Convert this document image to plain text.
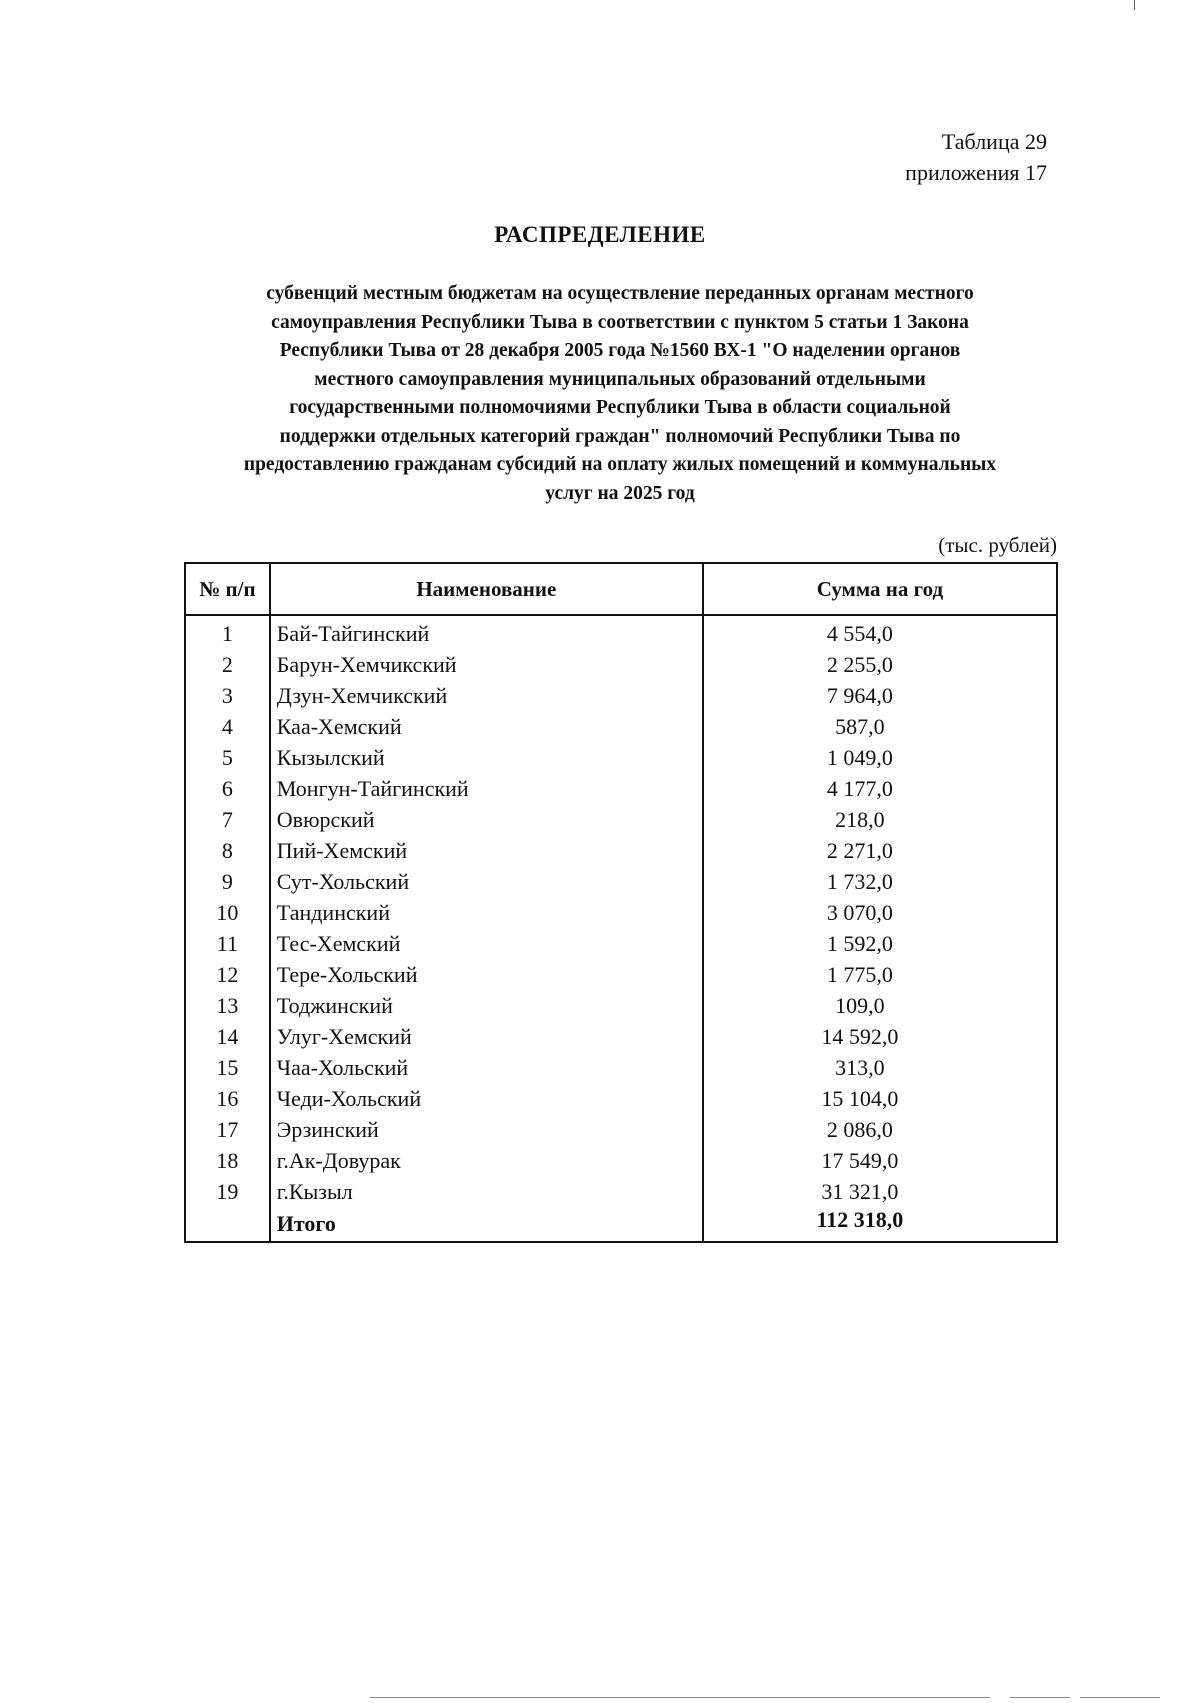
Таблица 29
приложения 17
РАСПРЕДЕЛЕНИЕ
субвенций местным бюджетам на осуществление переданных органам местного
самоуправления Республики Тыва в соответствии с пунктом 5 статьи 1 Закона
Республики Тыва от 28 декабря 2005 года №1560 ВХ-1 "О наделении органов
местного самоуправления муниципальных образований отдельными
государственными полномочиями Республики Тыва в области социальной
поддержки отдельных категорий граждан" полномочий Республики Тыва по
предоставлению гражданам субсидий на оплату жилых помещений и коммунальных
услуг на 2025 год
(тыс. рублей)
№ п/п	Наименование	Сумма на год
1	Бай-Тайгинский	4 554,0
2	Барун-Хемчикский	2 255,0
3	Дзун-Хемчикский	7 964,0
4	Каа-Хемский	587,0
5	Кызылский	1 049,0
6	Монгун-Тайгинский	4 177,0
7	Овюрский	218,0
8	Пий-Хемский	2 271,0
9	Сут-Хольский	1 732,0
10	Тандинский	3 070,0
11	Тес-Хемский	1 592,0
12	Тере-Хольский	1 775,0
13	Тоджинский	109,0
14	Улуг-Хемский	14 592,0
15	Чаа-Хольский	313,0
16	Чеди-Хольский	15 104,0
17	Эрзинский	2 086,0
18	г.Ак-Довурак	17 549,0
19	г.Кызыл	31 321,0
	Итого	112 318,0
